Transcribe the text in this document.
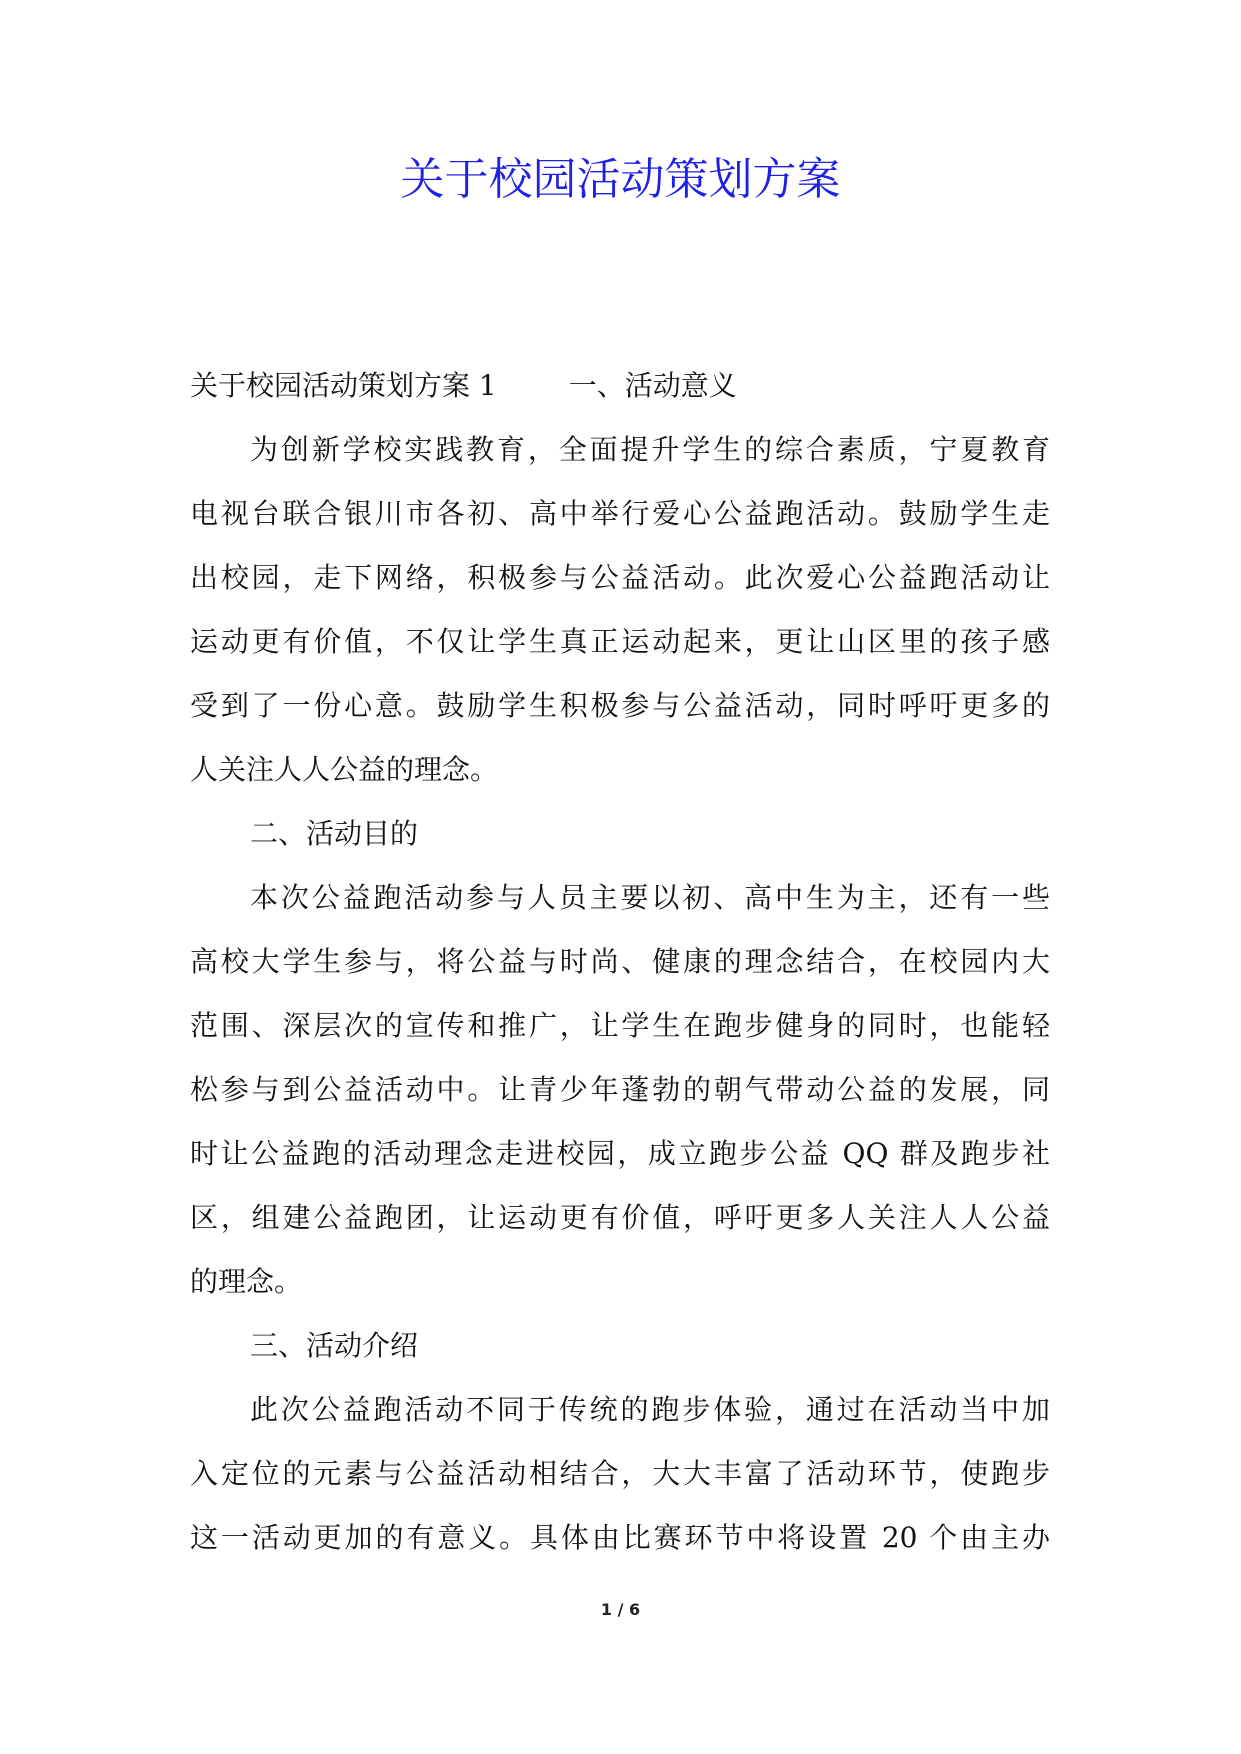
关于校园活动策划方案
关于校园活动策划方案 1	一、活动意义
为创新学校实践教育，全面提升学生的综合素质，宁夏教育
电视台联合银川市各初、高中举行爱心公益跑活动。鼓励学生走
出校园，走下网络，积极参与公益活动。此次爱心公益跑活动让
运动更有价值，不仅让学生真正运动起来，更让山区里的孩子感
受到了一份心意。鼓励学生积极参与公益活动，同时呼吁更多的
人关注人人公益的理念。
二、活动目的
本次公益跑活动参与人员主要以初、高中生为主，还有一些
高校大学生参与，将公益与时尚、健康的理念结合，在校园内大
范围、深层次的宣传和推广，让学生在跑步健身的同时，也能轻
松参与到公益活动中。让青少年蓬勃的朝气带动公益的发展，同
时让公益跑的活动理念走进校园，成立跑步公益 QQ 群及跑步社
区，组建公益跑团，让运动更有价值，呼吁更多人关注人人公益
的理念。
三、活动介绍
此次公益跑活动不同于传统的跑步体验，通过在活动当中加
入定位的元素与公益活动相结合，大大丰富了活动环节，使跑步
这一活动更加的有意义。具体由比赛环节中将设置 20 个由主办
1 / 6
